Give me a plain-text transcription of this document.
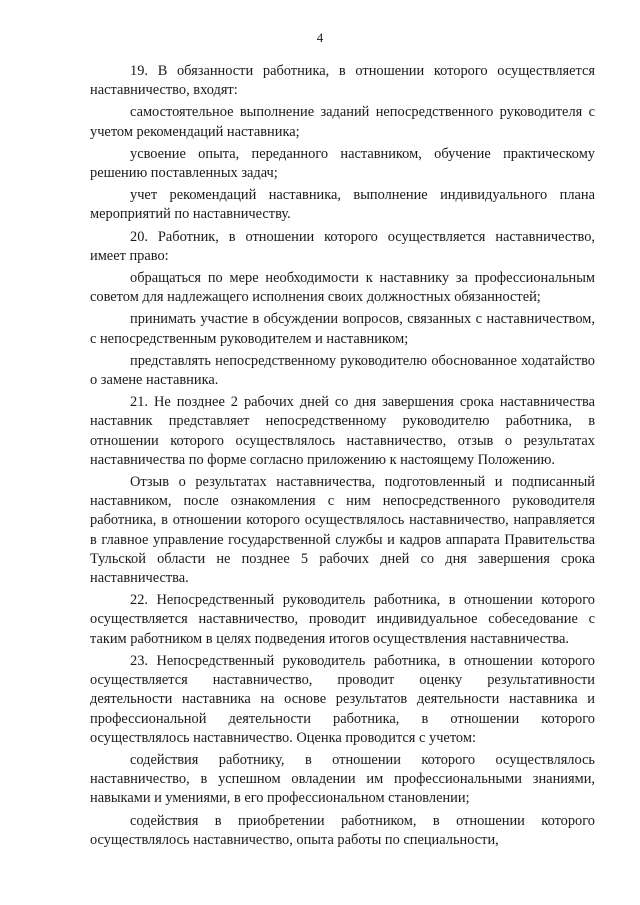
4

19. В обязанности работника, в отношении которого осуществляется наставничество, входят:

самостоятельное выполнение заданий непосредственного руководителя с учетом рекомендаций наставника;

усвоение опыта, переданного наставником, обучение практическому решению поставленных задач;

учет рекомендаций наставника, выполнение индивидуального плана мероприятий по наставничеству.

20. Работник, в отношении которого осуществляется наставничество, имеет право:

обращаться по мере необходимости к наставнику за профессиональным советом для надлежащего исполнения своих должностных обязанностей;

принимать участие в обсуждении вопросов, связанных с наставничеством, с непосредственным руководителем и наставником;

представлять непосредственному руководителю обоснованное ходатайство о замене наставника.

21. Не позднее 2 рабочих дней со дня завершения срока наставничества наставник представляет непосредственному руководителю работника, в отношении которого осуществлялось наставничество, отзыв о результатах наставничества по форме согласно приложению к настоящему Положению.

Отзыв о результатах наставничества, подготовленный и подписанный наставником, после ознакомления с ним непосредственного руководителя работника, в отношении которого осуществлялось наставничество, направляется в главное управление государственной службы и кадров аппарата Правительства Тульской области не позднее 5 рабочих дней со дня завершения срока наставничества.

22. Непосредственный руководитель работника, в отношении которого осуществляется наставничество, проводит индивидуальное собеседование с таким работником в целях подведения итогов осуществления наставничества.

23. Непосредственный руководитель работника, в отношении которого осуществляется наставничество, проводит оценку результативности деятельности наставника на основе результатов деятельности наставника и профессиональной деятельности работника, в отношении которого осуществлялось наставничество. Оценка проводится с учетом:

содействия работнику, в отношении которого осуществлялось наставничество, в успешном овладении им профессиональными знаниями, навыками и умениями, в его профессиональном становлении;

содействия в приобретении работником, в отношении которого осуществлялось наставничество, опыта работы по специальности,
